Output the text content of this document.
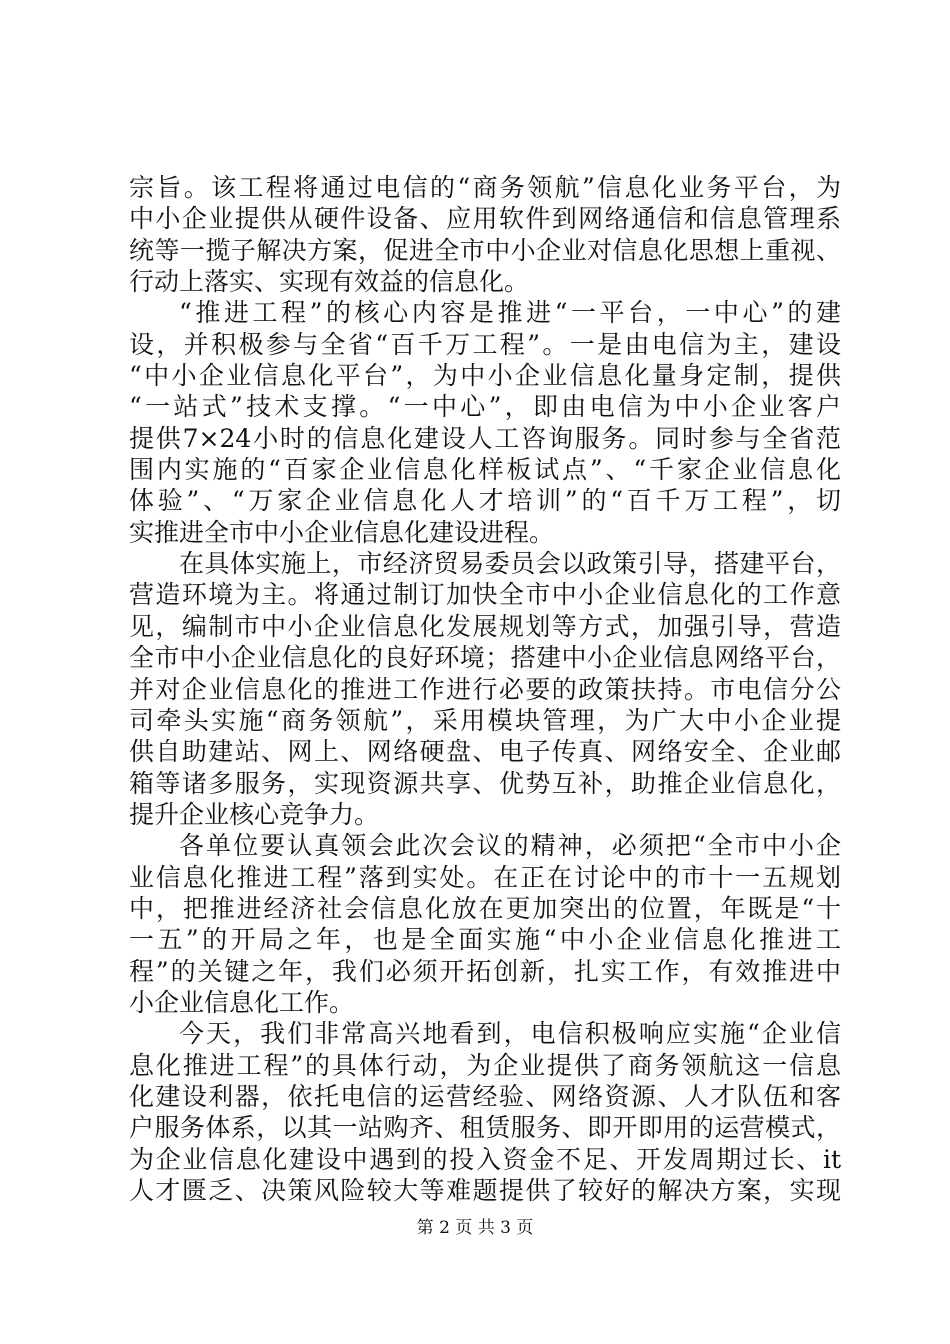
宗旨。该工程将通过电信的“商务领航”信息化业务平台，为
中小企业提供从硬件设备、应用软件到网络通信和信息管理系
统等一揽子解决方案，促进全市中小企业对信息化思想上重视、
行动上落实、实现有效益的信息化。
“推进工程”的核心内容是推进“一平台，一中心”的建
设，并积极参与全省“百千万工程”。一是由电信为主，建设
“中小企业信息化平台”，为中小企业信息化量身定制，提供
“一站式”技术支撑。“一中心”，即由电信为中小企业客户
提供7×24小时的信息化建设人工咨询服务。同时参与全省范
围内实施的“百家企业信息化样板试点”、“千家企业信息化
体验”、“万家企业信息化人才培训”的“百千万工程”，切
实推进全市中小企业信息化建设进程。
在具体实施上，市经济贸易委员会以政策引导，搭建平台，
营造环境为主。将通过制订加快全市中小企业信息化的工作意
见，编制市中小企业信息化发展规划等方式，加强引导，营造
全市中小企业信息化的良好环境；搭建中小企业信息网络平台，
并对企业信息化的推进工作进行必要的政策扶持。市电信分公
司牵头实施“商务领航”，采用模块管理，为广大中小企业提
供自助建站、网上、网络硬盘、电子传真、网络安全、企业邮
箱等诸多服务，实现资源共享、优势互补，助推企业信息化，
提升企业核心竞争力。
各单位要认真领会此次会议的精神，必须把“全市中小企
业信息化推进工程”落到实处。在正在讨论中的市十一五规划
中，把推进经济社会信息化放在更加突出的位置，年既是“十
一五”的开局之年，也是全面实施“中小企业信息化推进工
程”的关键之年，我们必须开拓创新，扎实工作，有效推进中
小企业信息化工作。
今天，我们非常高兴地看到，电信积极响应实施“企业信
息化推进工程”的具体行动，为企业提供了商务领航这一信息
化建设利器，依托电信的运营经验、网络资源、人才队伍和客
户服务体系，以其一站购齐、租赁服务、即开即用的运营模式，
为企业信息化建设中遇到的投入资金不足、开发周期过长、it
人才匮乏、决策风险较大等难题提供了较好的解决方案，实现
第 2 页 共 3 页
